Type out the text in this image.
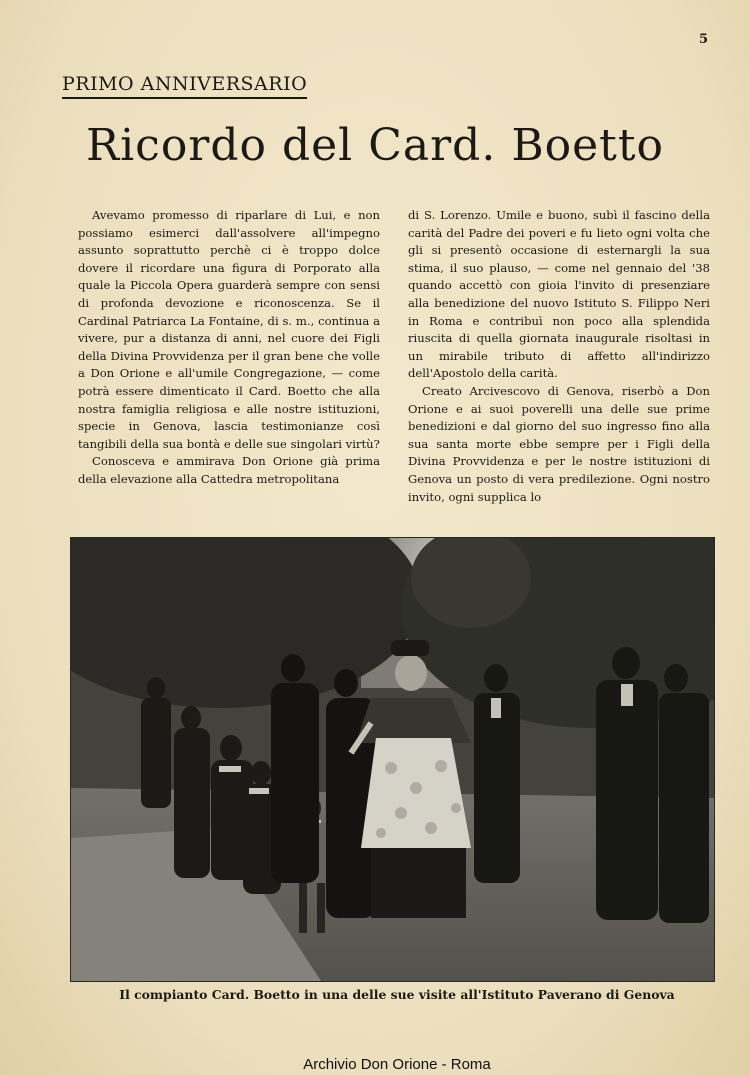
5
PRIMO ANNIVERSARIO
Ricordo del Card. Boetto

Avevamo promesso di riparlare di Lui, e non possiamo esimerci dall'assolvere all'impegno assunto soprattutto perchè ci è troppo dolce dovere il ricordare una figura di Porporato alla quale la Piccola Opera guarderà sempre con sensi di profonda devozione e riconoscenza. Se il Cardinal Patriarca La Fontaine, di s. m., continua a vivere, pur a distanza di anni, nel cuore dei Figli della Divina Provvidenza per il gran bene che volle a Don Orione e all'umile Congregazione, — come potrà essere dimenticato il Card. Boetto che alla nostra famiglia religiosa e alle nostre istituzioni, specie in Genova, lascia testimonianze così tangibili della sua bontà e delle sue singolari virtù?

Conosceva e ammirava Don Orione già prima della elevazione alla Cattedra metropolitana

di S. Lorenzo. Umile e buono, subì il fascino della carità del Padre dei poveri e fu lieto ogni volta che gli si presentò occasione di esternargli la sua stima, il suo plauso, — come nel gennaio del '38 quando accettò con gioia l'invito di presenziare alla benedizione del nuovo Istituto S. Filippo Neri in Roma e contribuì non poco alla splendida riuscita di quella giornata inaugurale risoltasi in un mirabile tributo di affetto all'indirizzo dell'Apostolo della carità.

Creato Arcivescovo di Genova, riserbò a Don Orione e ai suoi poverelli una delle sue prime benedizioni e dal giorno del suo ingresso fino alla sua santa morte ebbe sempre per i Figli della Divina Provvidenza e per le nostre istituzioni di Genova un posto di vera predilezione. Ogni nostro invito, ogni supplica lo

Il compianto Card. Boetto in una delle sue visite all'Istituto Paverano di Genova
Archivio Don Orione - Roma
